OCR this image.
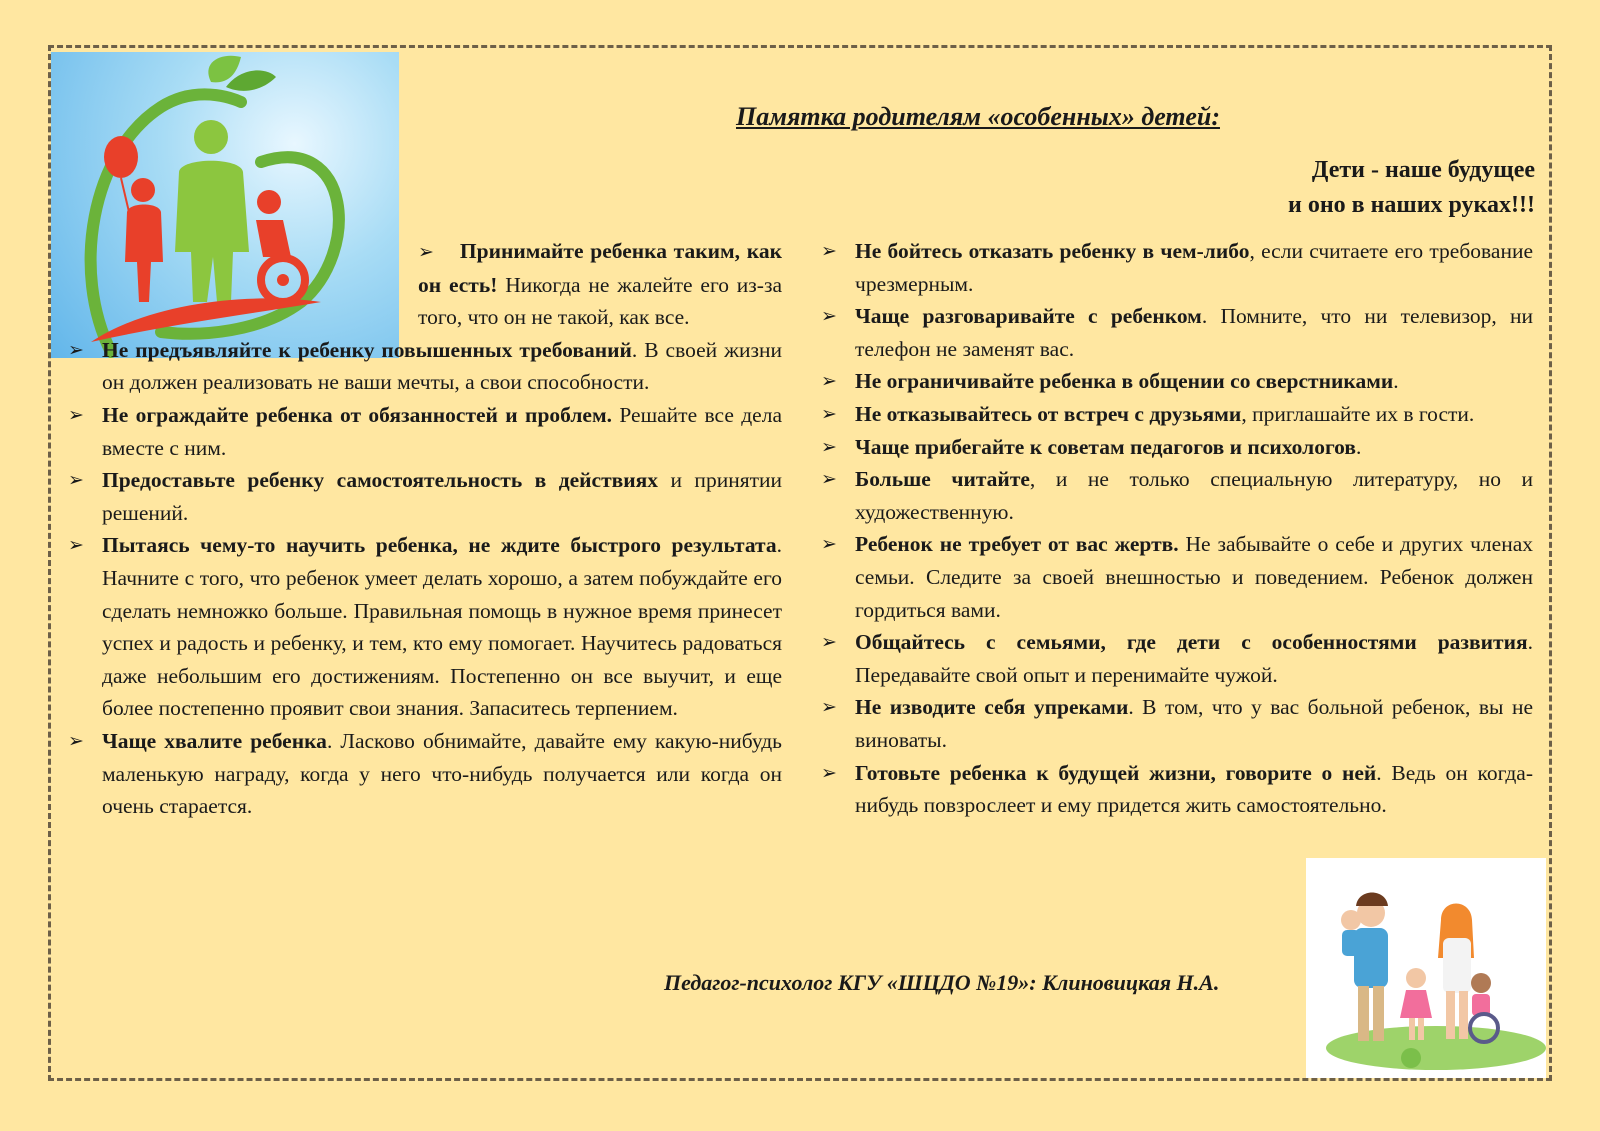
Памятка родителям «особенных» детей:
Дети - наше будущее
и оно в наших руках!!!
➢ Принимайте ребенка таким, как он есть! Никогда не жалейте его из-за того, что он не такой, как все.
➢ Не предъявляйте к ребенку повышенных требований. В своей жизни он должен реализовать не ваши мечты, а свои способности.
➢ Не ограждайте ребенка от обязанностей и проблем. Решайте все дела вместе с ним.
➢ Предоставьте ребенку самостоятельность в действиях и принятии решений.
➢ Пытаясь чему-то научить ребенка, не ждите быстрого результата. Начните с того, что ребенок умеет делать хорошо, а затем побуждайте его сделать немножко больше. Правильная помощь в нужное время принесет успех и радость и ребенку, и тем, кто ему помогает. Научитесь радоваться даже небольшим его достижениям. Постепенно он все выучит, и еще более постепенно проявит свои знания. Запаситесь терпением.
➢ Чаще хвалите ребенка. Ласково обнимайте, давайте ему какую-нибудь маленькую награду, когда у него что-нибудь получается или когда он очень старается.
➢ Не бойтесь отказать ребенку в чем-либо, если считаете его требование чрезмерным.
➢ Чаще разговаривайте с ребенком. Помните, что ни телевизор, ни телефон не заменят вас.
➢ Не ограничивайте ребенка в общении со сверстниками.
➢ Не отказывайтесь от встреч с друзьями, приглашайте их в гости.
➢ Чаще прибегайте к советам педагогов и психологов.
➢ Больше читайте, и не только специальную литературу, но и художественную.
➢ Ребенок не требует от вас жертв. Не забывайте о себе и других членах семьи. Следите за своей внешностью и поведением. Ребенок должен гордиться вами.
➢ Общайтесь с семьями, где дети с особенностями развития. Передавайте свой опыт и перенимайте чужой.
➢ Не изводите себя упреками. В том, что у вас больной ребенок, вы не виноваты.
➢ Готовьте ребенка к будущей жизни, говорите о ней. Ведь он когда-нибудь повзрослеет и ему придется жить самостоятельно.
Педагог-психолог КГУ «ШЦДО №19»: Клиновицкая Н.А.
